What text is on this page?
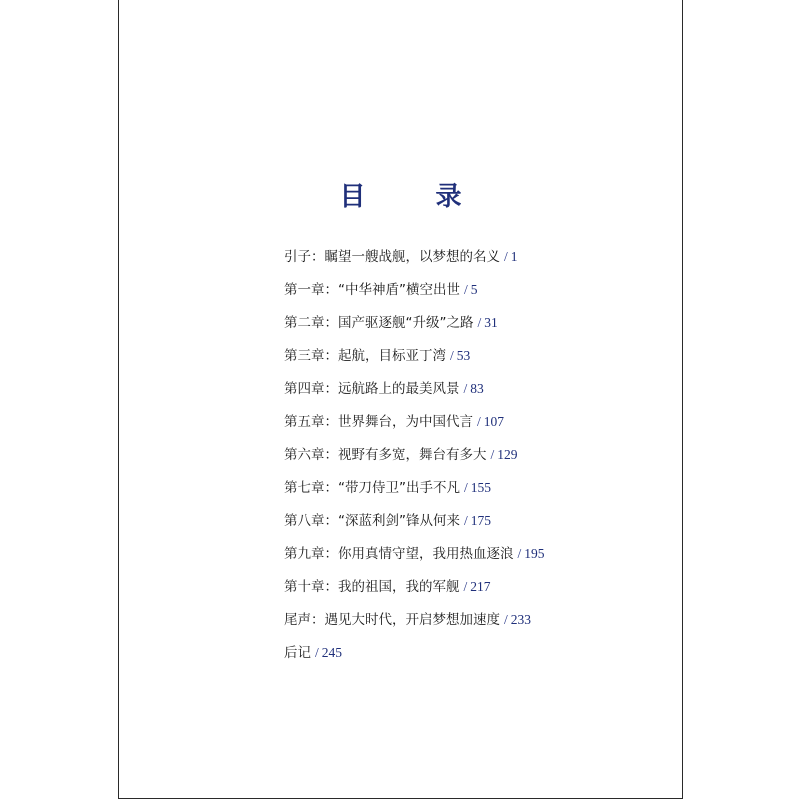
目　录
引子：瞩望一艘战舰，以梦想的名义 / 1
第一章：“中华神盾”横空出世 / 5
第二章：国产驱逐舰“升级”之路 / 31
第三章：起航，目标亚丁湾 / 53
第四章：远航路上的最美风景 / 83
第五章：世界舞台，为中国代言 / 107
第六章：视野有多宽，舞台有多大 / 129
第七章：“带刀侍卫”出手不凡 / 155
第八章：“深蓝利剑”锋从何来 / 175
第九章：你用真情守望，我用热血逐浪 / 195
第十章：我的祖国，我的军舰 / 217
尾声：遇见大时代，开启梦想加速度 / 233
后记 / 245
